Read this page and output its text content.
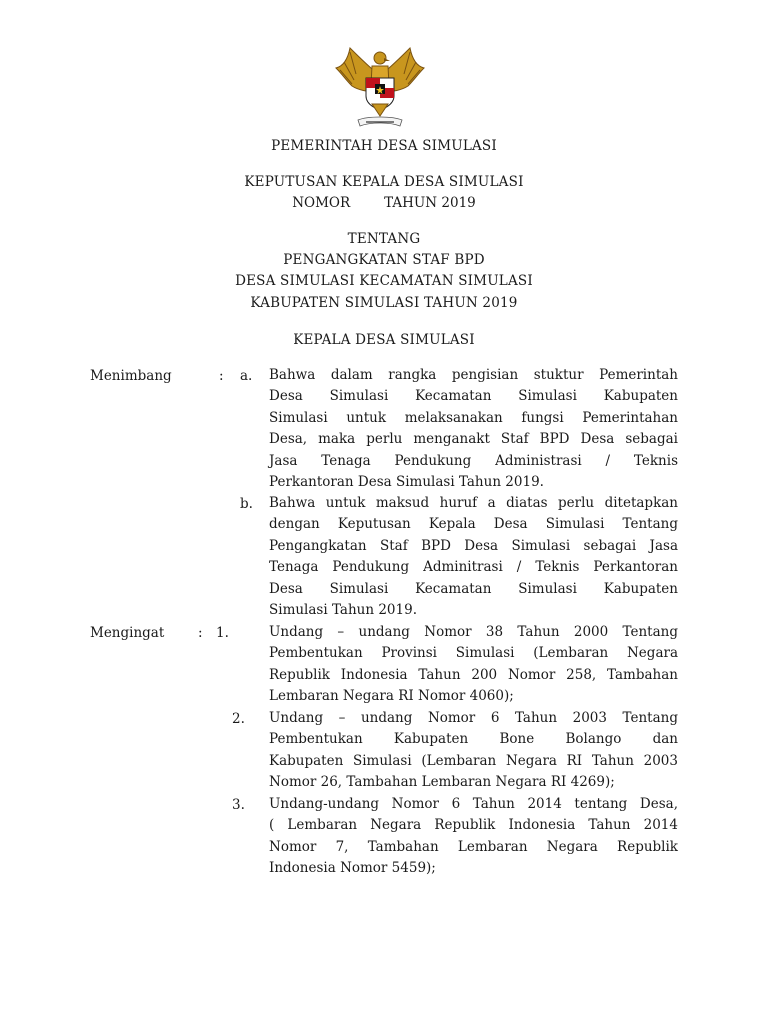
PEMERINTAH DESA SIMULASI
KEPUTUSAN KEPALA DESA SIMULASI
NOMOR	TAHUN 2019
TENTANG
PENGANGKATAN STAF BPD
DESA SIMULASI KECAMATAN SIMULASI
KABUPATEN SIMULASI TAHUN 2019
KEPALA DESA SIMULASI
Menimbang	: a. Bahwa dalam rangka pengisian stuktur Pemerintah
Desa Simulasi Kecamatan Simulasi Kabupaten
Simulasi untuk melaksanakan fungsi Pemerintahan
Desa, maka perlu menganakt Staf BPD Desa sebagai
Jasa Tenaga Pendukung Administrasi / Teknis
Perkantoran Desa Simulasi Tahun 2019.
b. Bahwa untuk maksud huruf a diatas perlu ditetapkan
dengan Keputusan Kepala Desa Simulasi Tentang
Pengangkatan Staf BPD Desa Simulasi sebagai Jasa
Tenaga Pendukung Adminitrasi / Teknis Perkantoran
Desa Simulasi Kecamatan Simulasi Kabupaten
Simulasi Tahun 2019.
Mengingat : 1.	Undang – undang Nomor 38 Tahun 2000 Tentang
Pembentukan Provinsi Simulasi (Lembaran Negara
Republik Indonesia Tahun 200 Nomor 258, Tambahan
Lembaran Negara RI Nomor 4060);
2. Undang – undang Nomor 6 Tahun 2003 Tentang
Pembentukan Kabupaten Bone Bolango dan
Kabupaten Simulasi (Lembaran Negara RI Tahun 2003
Nomor 26, Tambahan Lembaran Negara RI 4269);
3. Undang-undang Nomor 6 Tahun 2014 tentang Desa,
( Lembaran Negara Republik Indonesia Tahun 2014
Nomor 7, Tambahan Lembaran Negara Republik
Indonesia Nomor 5459);
